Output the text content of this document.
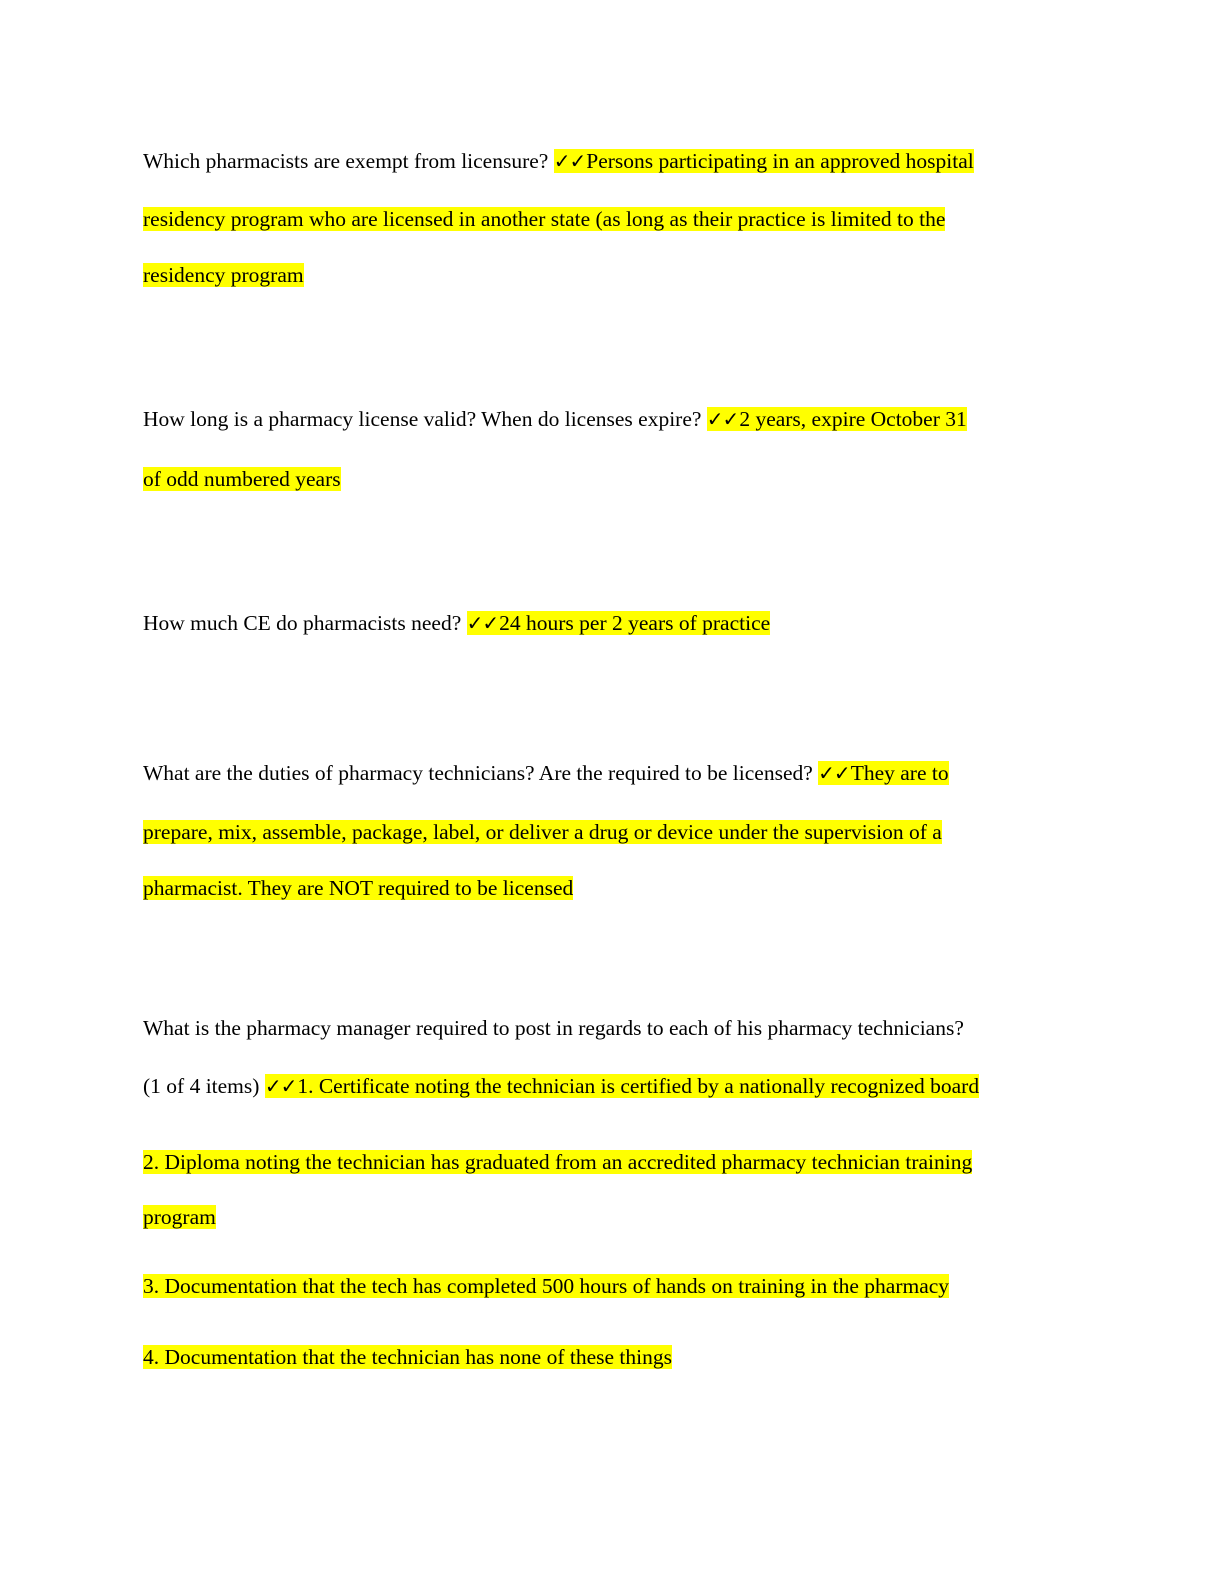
Which pharmacists are exempt from licensure? ✓✓Persons participating in an approved hospital
residency program who are licensed in another state (as long as their practice is limited to the
residency program
How long is a pharmacy license valid? When do licenses expire? ✓✓2 years, expire October 31
of odd numbered years
How much CE do pharmacists need? ✓✓24 hours per 2 years of practice
What are the duties of pharmacy technicians? Are the required to be licensed? ✓✓They are to
prepare, mix, assemble, package, label, or deliver a drug or device under the supervision of a
pharmacist. They are NOT required to be licensed
What is the pharmacy manager required to post in regards to each of his pharmacy technicians?
(1 of 4 items) ✓✓1. Certificate noting the technician is certified by a nationally recognized board
2. Diploma noting the technician has graduated from an accredited pharmacy technician training
program
3. Documentation that the tech has completed 500 hours of hands on training in the pharmacy
4. Documentation that the technician has none of these things
